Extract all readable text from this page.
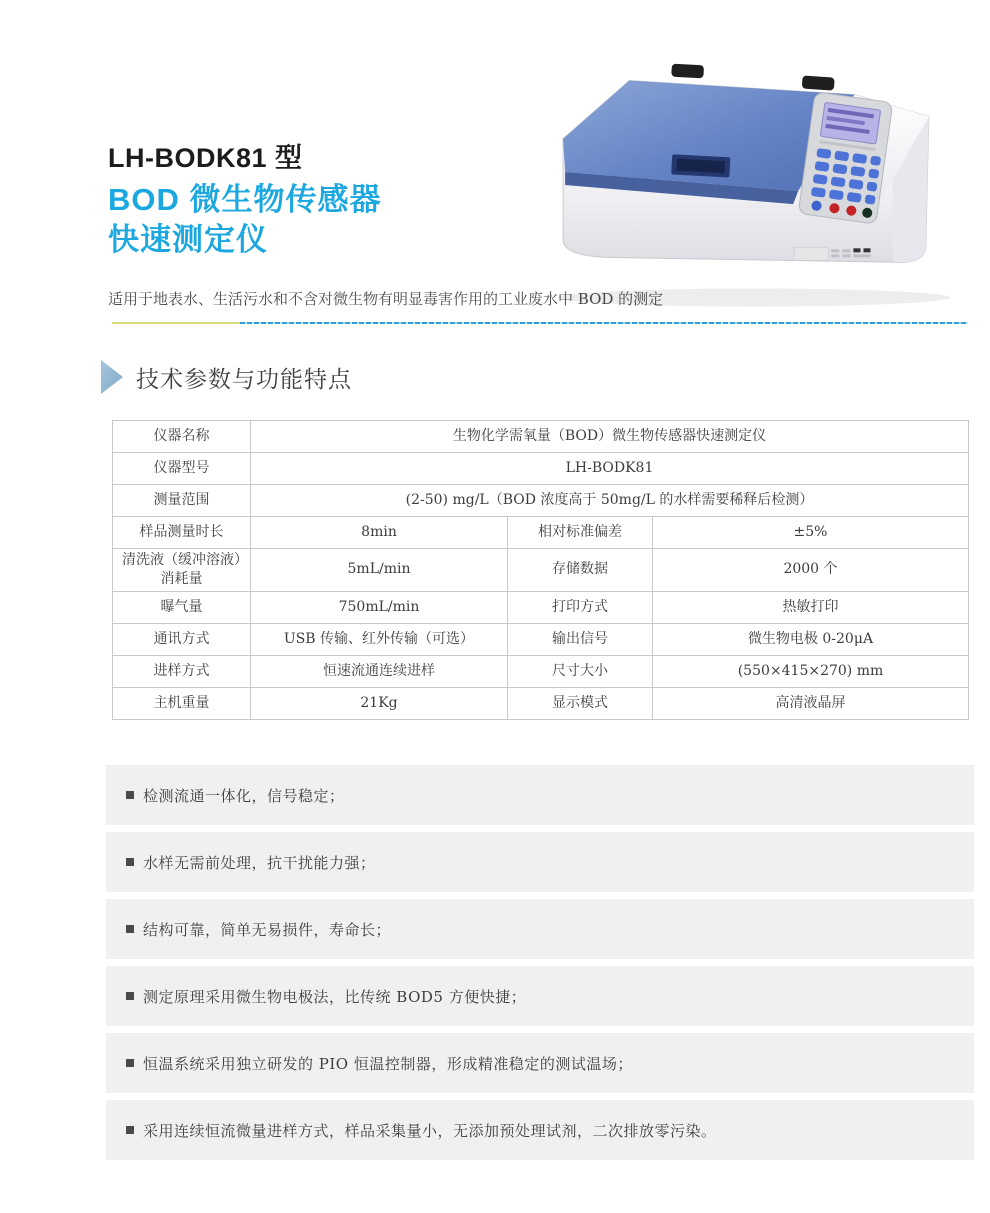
LH-BODK81 型
BOD 微生物传感器
快速测定仪
适用于地表水、生活污水和不含对微生物有明显毒害作用的工业废水中 BOD 的测定
技术参数与功能特点
仪器名称	生物化学需氧量（BOD）微生物传感器快速测定仪		
仪器型号	LH-BODK81		
测量范围	(2-50) mg/L（BOD 浓度高于 50mg/L 的水样需要稀释后检测）		
样品测量时长	8min	相对标准偏差	±5%
清洗液（缓冲溶液）消耗量	5mL/min	存储数据	2000 个
曝气量	750mL/min	打印方式	热敏打印
通讯方式	USB 传输、红外传输（可选）	输出信号	微生物电极 0-20μA
进样方式	恒速流通连续进样	尺寸大小	(550×415×270) mm
主机重量	21Kg	显示模式	高清液晶屏
检测流通一体化，信号稳定；
水样无需前处理，抗干扰能力强；
结构可靠，简单无易损件，寿命长；
测定原理采用微生物电极法，比传统 BOD5 方便快捷；
恒温系统采用独立研发的 PIO 恒温控制器，形成精准稳定的测试温场；
采用连续恒流微量进样方式，样品采集量小，无添加预处理试剂，二次排放零污染。
